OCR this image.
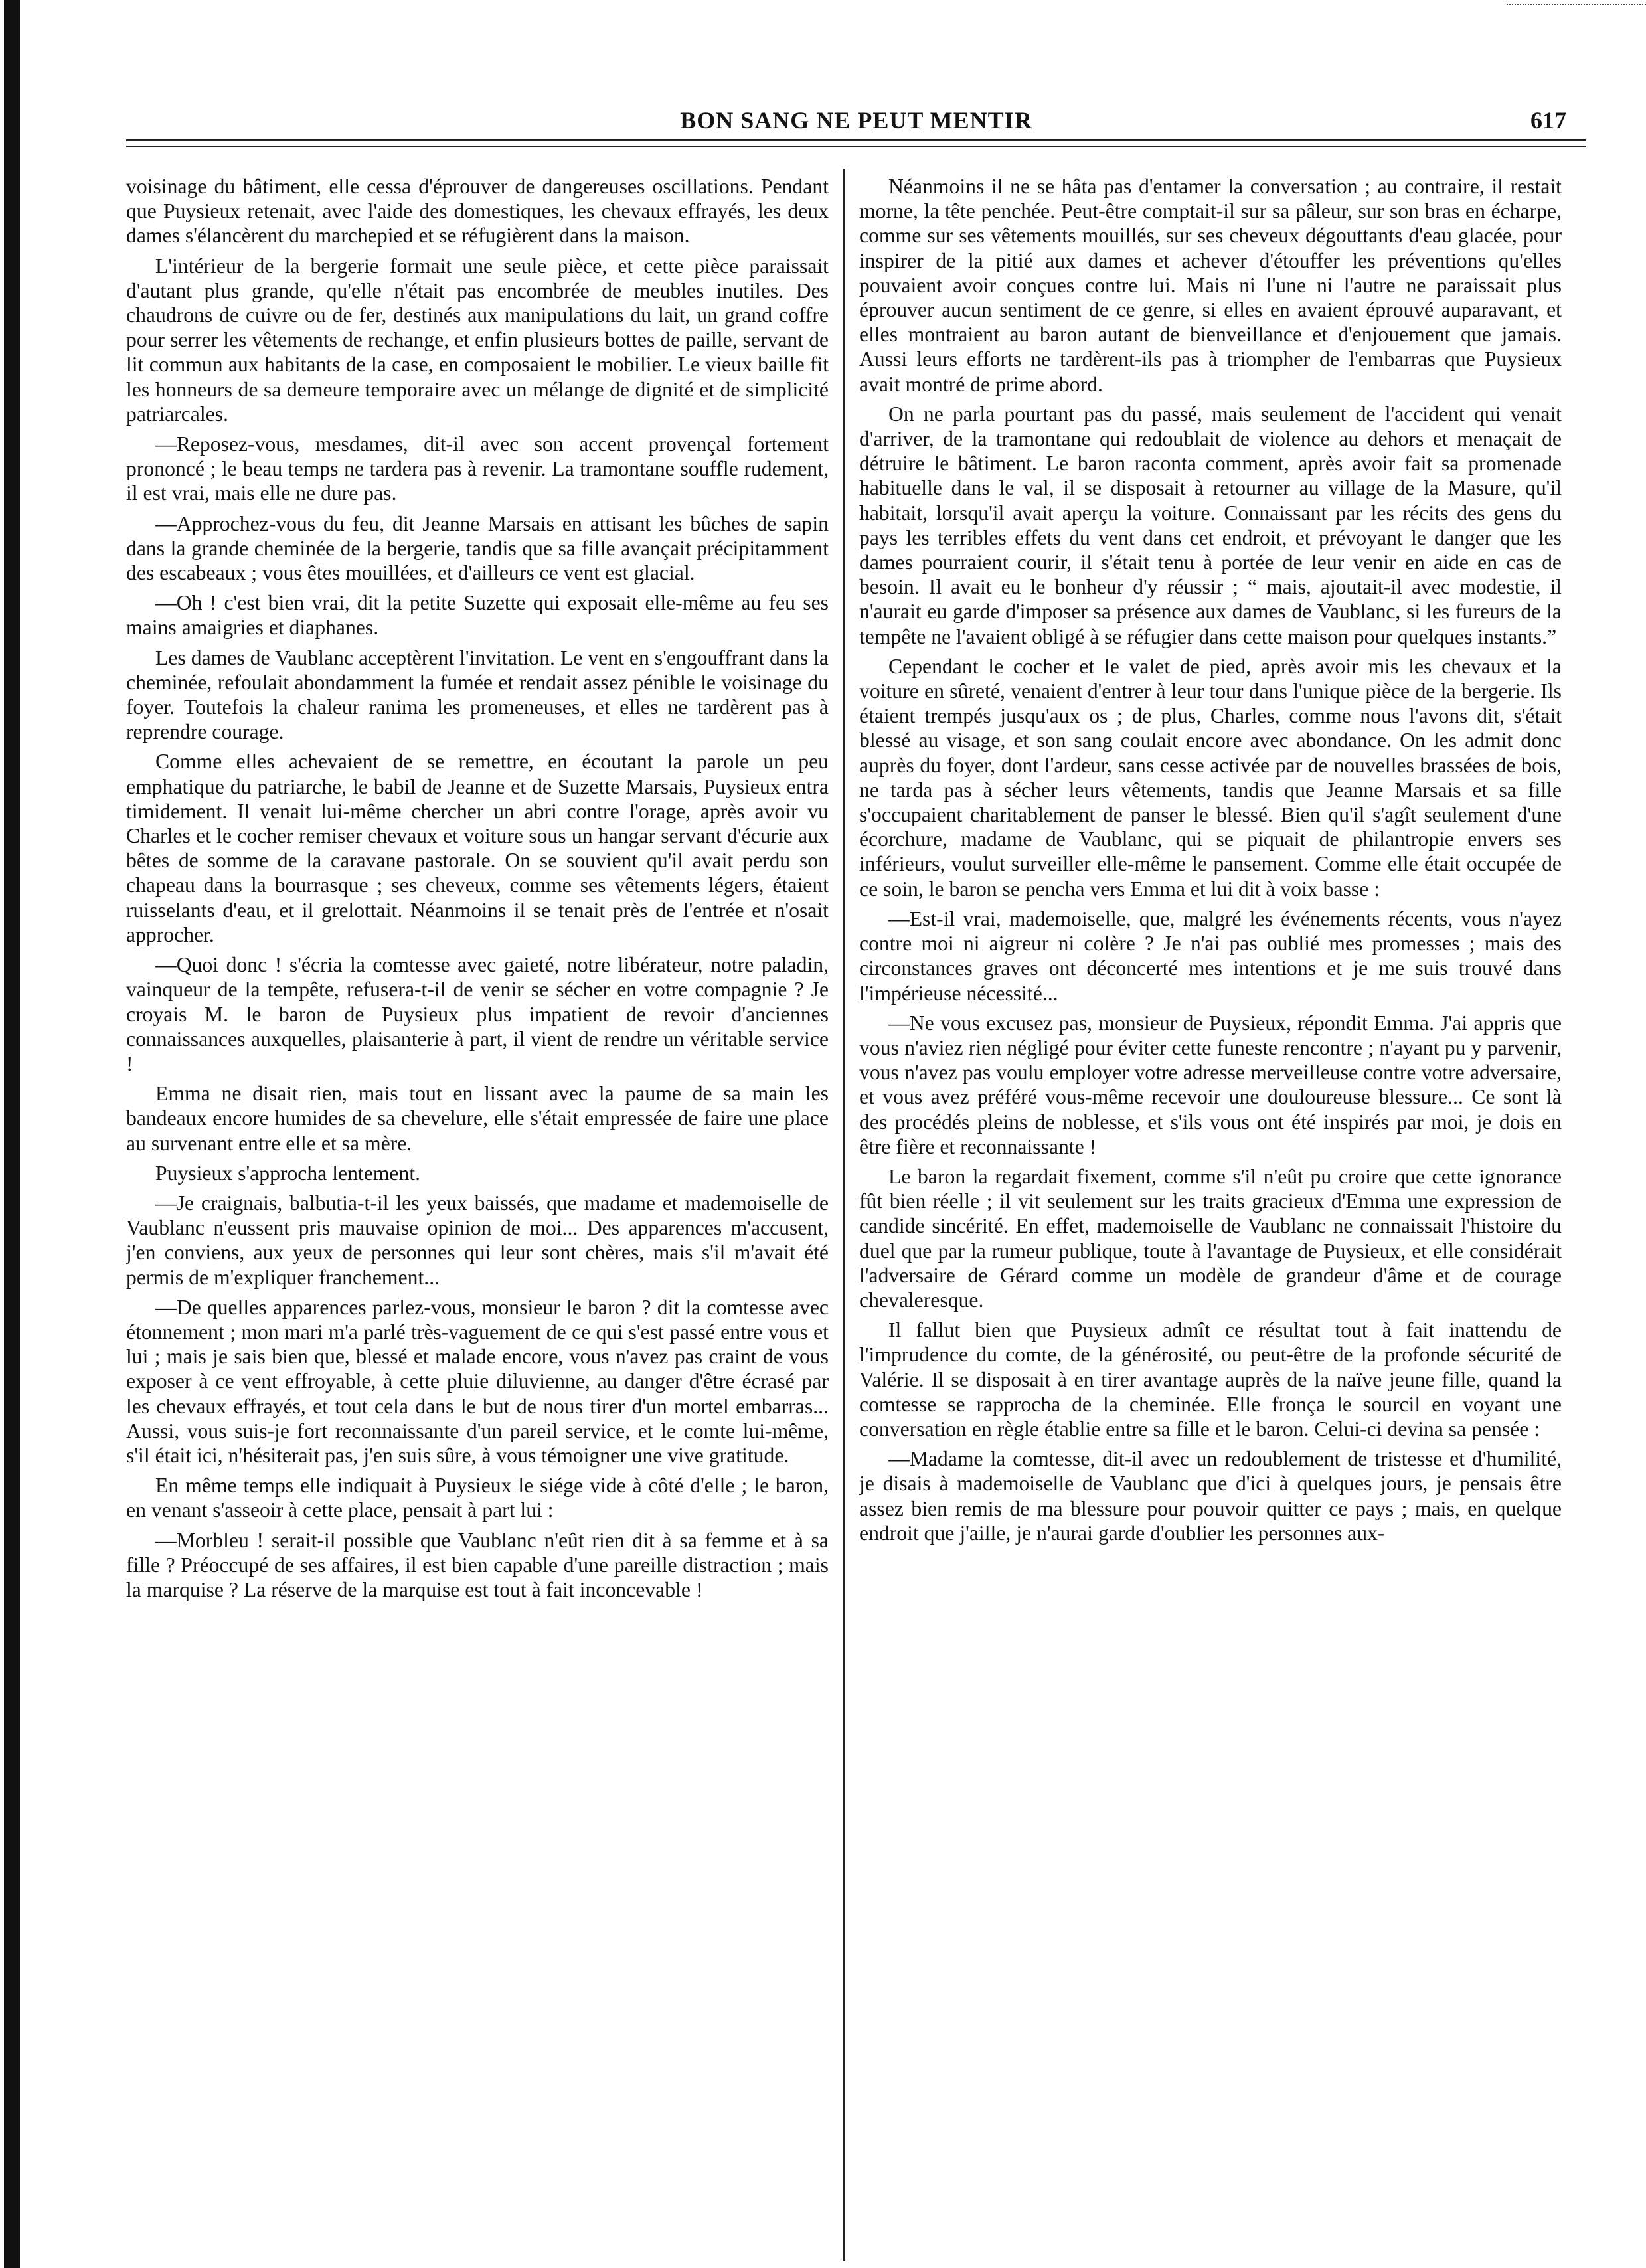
BON SANG NE PEUT MENTIR	617

voisinage du bâtiment, elle cessa d'éprouver de dangereuses oscillations. Pendant que Puysieux retenait, avec l'aide des domestiques, les chevaux effrayés, les deux dames s'élancèrent du marchepied et se réfugièrent dans la maison.

L'intérieur de la bergerie formait une seule pièce, et cette pièce paraissait d'autant plus grande, qu'elle n'était pas encombrée de meubles inutiles. Des chaudrons de cuivre ou de fer, destinés aux manipulations du lait, un grand coffre pour serrer les vêtements de rechange, et enfin plusieurs bottes de paille, servant de lit commun aux habitants de la case, en composaient le mobilier. Le vieux baille fit les honneurs de sa demeure temporaire avec un mélange de dignité et de simplicité patriarcales.

—Reposez-vous, mesdames, dit-il avec son accent provençal fortement prononcé ; le beau temps ne tardera pas à revenir. La tramontane souffle rudement, il est vrai, mais elle ne dure pas.

—Approchez-vous du feu, dit Jeanne Marsais en attisant les bûches de sapin dans la grande cheminée de la bergerie, tandis que sa fille avançait précipitamment des escabeaux ; vous êtes mouillées, et d'ailleurs ce vent est glacial.

—Oh ! c'est bien vrai, dit la petite Suzette qui exposait elle-même au feu ses mains amaigries et diaphanes.

Les dames de Vaublanc acceptèrent l'invitation. Le vent en s'engouffrant dans la cheminée, refoulait abondamment la fumée et rendait assez pénible le voisinage du foyer. Toutefois la chaleur ranima les promeneuses, et elles ne tardèrent pas à reprendre courage.

Comme elles achevaient de se remettre, en écoutant la parole un peu emphatique du patriarche, le babil de Jeanne et de Suzette Marsais, Puysieux entra timidement. Il venait lui-même chercher un abri contre l'orage, après avoir vu Charles et le cocher remiser chevaux et voiture sous un hangar servant d'écurie aux bêtes de somme de la caravane pastorale. On se souvient qu'il avait perdu son chapeau dans la bourrasque ; ses cheveux, comme ses vêtements légers, étaient ruisselants d'eau, et il grelottait. Néanmoins il se tenait près de l'entrée et n'osait approcher.

—Quoi donc ! s'écria la comtesse avec gaieté, notre libérateur, notre paladin, vainqueur de la tempête, refusera-t-il de venir se sécher en votre compagnie ? Je croyais M. le baron de Puysieux plus impatient de revoir d'anciennes connaissances auxquelles, plaisanterie à part, il vient de rendre un véritable service !

Emma ne disait rien, mais tout en lissant avec la paume de sa main les bandeaux encore humides de sa chevelure, elle s'était empressée de faire une place au survenant entre elle et sa mère.

Puysieux s'approcha lentement.

—Je craignais, balbutia-t-il les yeux baissés, que madame et mademoiselle de Vaublanc n'eussent pris mauvaise opinion de moi... Des apparences m'accusent, j'en conviens, aux yeux de personnes qui leur sont chères, mais s'il m'avait été permis de m'expliquer franchement...

—De quelles apparences parlez-vous, monsieur le baron ? dit la comtesse avec étonnement ; mon mari m'a parlé très-vaguement de ce qui s'est passé entre vous et lui ; mais je sais bien que, blessé et malade encore, vous n'avez pas craint de vous exposer à ce vent effroyable, à cette pluie diluvienne, au danger d'être écrasé par les chevaux effrayés, et tout cela dans le but de nous tirer d'un mortel embarras... Aussi, vous suis-je fort reconnaissante d'un pareil service, et le comte lui-même, s'il était ici, n'hésiterait pas, j'en suis sûre, à vous témoigner une vive gratitude.

En même temps elle indiquait à Puysieux le siége vide à côté d'elle ; le baron, en venant s'asseoir à cette place, pensait à part lui :

—Morbleu ! serait-il possible que Vaublanc n'eût rien dit à sa femme et à sa fille ? Préoccupé de ses affaires, il est bien capable d'une pareille distraction ; mais la marquise ? La réserve de la marquise est tout à fait inconcevable !

Néanmoins il ne se hâta pas d'entamer la conversation ; au contraire, il restait morne, la tête penchée. Peut-être comptait-il sur sa pâleur, sur son bras en écharpe, comme sur ses vêtements mouillés, sur ses cheveux dégouttants d'eau glacée, pour inspirer de la pitié aux dames et achever d'étouffer les préventions qu'elles pouvaient avoir conçues contre lui. Mais ni l'une ni l'autre ne paraissait plus éprouver aucun sentiment de ce genre, si elles en avaient éprouvé auparavant, et elles montraient au baron autant de bienveillance et d'enjouement que jamais. Aussi leurs efforts ne tardèrent-ils pas à triompher de l'embarras que Puysieux avait montré de prime abord.

On ne parla pourtant pas du passé, mais seulement de l'accident qui venait d'arriver, de la tramontane qui redoublait de violence au dehors et menaçait de détruire le bâtiment. Le baron raconta comment, après avoir fait sa promenade habituelle dans le val, il se disposait à retourner au village de la Masure, qu'il habitait, lorsqu'il avait aperçu la voiture. Connaissant par les récits des gens du pays les terribles effets du vent dans cet endroit, et prévoyant le danger que les dames pourraient courir, il s'était tenu à portée de leur venir en aide en cas de besoin. Il avait eu le bonheur d'y réussir ; “ mais, ajoutait-il avec modestie, il n'aurait eu garde d'imposer sa présence aux dames de Vaublanc, si les fureurs de la tempête ne l'avaient obligé à se réfugier dans cette maison pour quelques instants.”

Cependant le cocher et le valet de pied, après avoir mis les chevaux et la voiture en sûreté, venaient d'entrer à leur tour dans l'unique pièce de la bergerie. Ils étaient trempés jusqu'aux os ; de plus, Charles, comme nous l'avons dit, s'était blessé au visage, et son sang coulait encore avec abondance. On les admit donc auprès du foyer, dont l'ardeur, sans cesse activée par de nouvelles brassées de bois, ne tarda pas à sécher leurs vêtements, tandis que Jeanne Marsais et sa fille s'occupaient charitablement de panser le blessé. Bien qu'il s'agît seulement d'une écorchure, madame de Vaublanc, qui se piquait de philantropie envers ses inférieurs, voulut surveiller elle-même le pansement. Comme elle était occupée de ce soin, le baron se pencha vers Emma et lui dit à voix basse :

—Est-il vrai, mademoiselle, que, malgré les événements récents, vous n'ayez contre moi ni aigreur ni colère ? Je n'ai pas oublié mes promesses ; mais des circonstances graves ont déconcerté mes intentions et je me suis trouvé dans l'impérieuse nécessité...

—Ne vous excusez pas, monsieur de Puysieux, répondit Emma. J'ai appris que vous n'aviez rien négligé pour éviter cette funeste rencontre ; n'ayant pu y parvenir, vous n'avez pas voulu employer votre adresse merveilleuse contre votre adversaire, et vous avez préféré vous-même recevoir une douloureuse blessure... Ce sont là des procédés pleins de noblesse, et s'ils vous ont été inspirés par moi, je dois en être fière et reconnaissante !

Le baron la regardait fixement, comme s'il n'eût pu croire que cette ignorance fût bien réelle ; il vit seulement sur les traits gracieux d'Emma une expression de candide sincérité. En effet, mademoiselle de Vaublanc ne connaissait l'histoire du duel que par la rumeur publique, toute à l'avantage de Puysieux, et elle considérait l'adversaire de Gérard comme un modèle de grandeur d'âme et de courage chevaleresque.

Il fallut bien que Puysieux admît ce résultat tout à fait inattendu de l'imprudence du comte, de la générosité, ou peut-être de la profonde sécurité de Valérie. Il se disposait à en tirer avantage auprès de la naïve jeune fille, quand la comtesse se rapprocha de la cheminée. Elle fronça le sourcil en voyant une conversation en règle établie entre sa fille et le baron. Celui-ci devina sa pensée :

—Madame la comtesse, dit-il avec un redoublement de tristesse et d'humilité, je disais à mademoiselle de Vaublanc que d'ici à quelques jours, je pensais être assez bien remis de ma blessure pour pouvoir quitter ce pays ; mais, en quelque endroit que j'aille, je n'aurai garde d'oublier les personnes aux-
